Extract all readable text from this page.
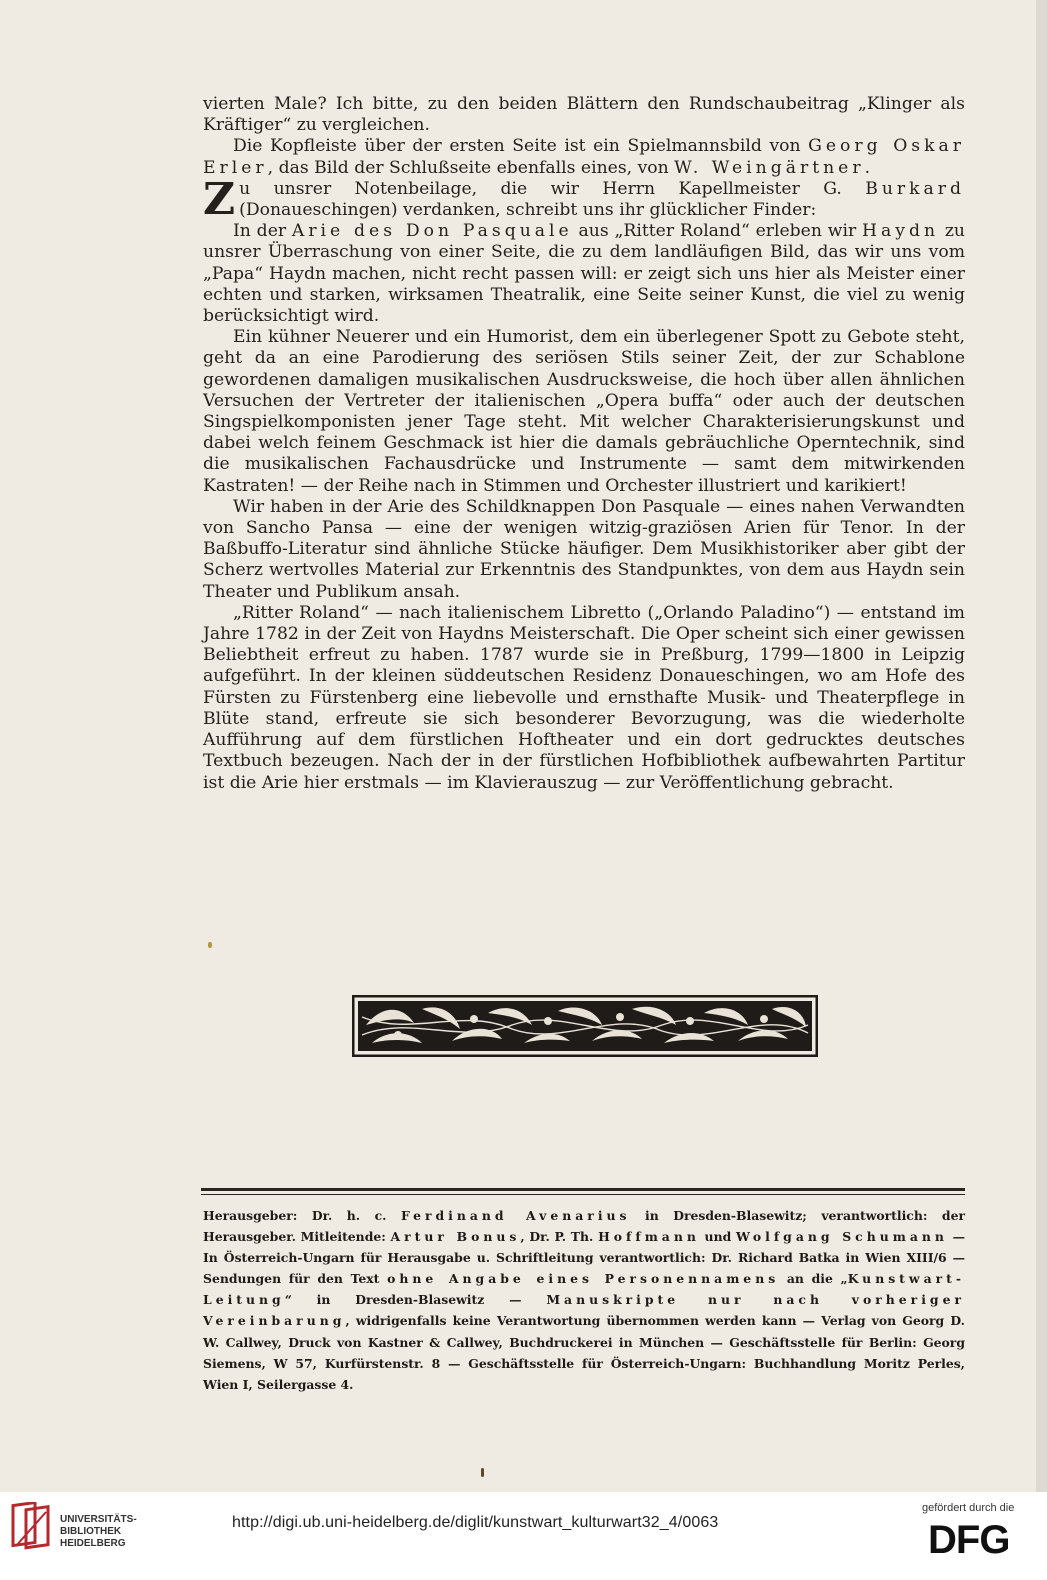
vierten Male? Ich bitte, zu den beiden Blättern den Rundschaubeitrag „Klinger als Kräftiger“ zu vergleichen.

Die Kopfleiste über der ersten Seite ist ein Spielmannsbild von Georg Oskar Erler, das Bild der Schlußseite ebenfalls eines, von W. Weingärtner.

Zu unsrer Notenbeilage, die wir Herrn Kapellmeister G. Burkard (Donaueschingen) verdanken, schreibt uns ihr glücklicher Finder:

In der Arie des Don Pasquale aus „Ritter Roland“ erleben wir Haydn zu unsrer Überraschung von einer Seite, die zu dem landläufigen Bild, das wir uns vom „Papa“ Haydn machen, nicht recht passen will: er zeigt sich uns hier als Meister einer echten und starken, wirksamen Theatralik, eine Seite seiner Kunst, die viel zu wenig berücksichtigt wird.

Ein kühner Neuerer und ein Humorist, dem ein überlegener Spott zu Gebote steht, geht da an eine Parodierung des seriösen Stils seiner Zeit, der zur Schablone gewordenen damaligen musikalischen Ausdrucksweise, die hoch über allen ähnlichen Versuchen der Vertreter der italienischen „Opera buffa“ oder auch der deutschen Singspielkomponisten jener Tage steht. Mit welcher Charakterisierungskunst und dabei welch feinem Geschmack ist hier die damals gebräuchliche Operntechnik, sind die musikalischen Fachausdrücke und Instrumente — samt dem mitwirkenden Kastraten! — der Reihe nach in Stimmen und Orchester illustriert und karikiert!

Wir haben in der Arie des Schildknappen Don Pasquale — eines nahen Verwandten von Sancho Pansa — eine der wenigen witzig-graziösen Arien für Tenor. In der Baßbuffo-Literatur sind ähnliche Stücke häufiger. Dem Musikhistoriker aber gibt der Scherz wertvolles Material zur Erkenntnis des Standpunktes, von dem aus Haydn sein Theater und Publikum ansah.

„Ritter Roland“ — nach italienischem Libretto („Orlando Paladino“) — entstand im Jahre 1782 in der Zeit von Haydns Meisterschaft. Die Oper scheint sich einer gewissen Beliebtheit erfreut zu haben. 1787 wurde sie in Preßburg, 1799—1800 in Leipzig aufgeführt. In der kleinen süddeutschen Residenz Donaueschingen, wo am Hofe des Fürsten zu Fürstenberg eine liebevolle und ernsthafte Musik- und Theaterpflege in Blüte stand, erfreute sie sich besonderer Bevorzugung, was die wiederholte Aufführung auf dem fürstlichen Hoftheater und ein dort gedrucktes deutsches Textbuch bezeugen. Nach der in der fürstlichen Hofbibliothek aufbewahrten Partitur ist die Arie hier erstmals — im Klavierauszug — zur Veröffentlichung gebracht.

Herausgeber: Dr. h. c. Ferdinand Avenarius in Dresden-Blasewitz; verantwortlich: der Herausgeber. Mitleitende: Artur Bonus, Dr. P. Th. Hoffmann und Wolfgang Schumann — In Österreich-Ungarn für Herausgabe u. Schriftleitung verantwortlich: Dr. Richard Batka in Wien XIII/6 — Sendungen für den Text ohne Angabe eines Personennamens an die „Kunstwart-Leitung“ in Dresden-Blasewitz — Manuskripte nur nach vorheriger Vereinbarung, widrigenfalls keine Verantwortung übernommen werden kann — Verlag von Georg D. W. Callwey, Druck von Kastner & Callwey, Buchdruckerei in München — Geschäftsstelle für Berlin: Georg Siemens, W 57, Kurfürstenstr. 8 — Geschäftsstelle für Österreich-Ungarn: Buchhandlung Moritz Perles, Wien I, Seilergasse 4.
UNIVERSITÄTS-
BIBLIOTHEK
HEIDELBERG
http://digi.ub.uni-heidelberg.de/diglit/kunstwart_kulturwart32_4/0063
gefördert durch die
DFG
